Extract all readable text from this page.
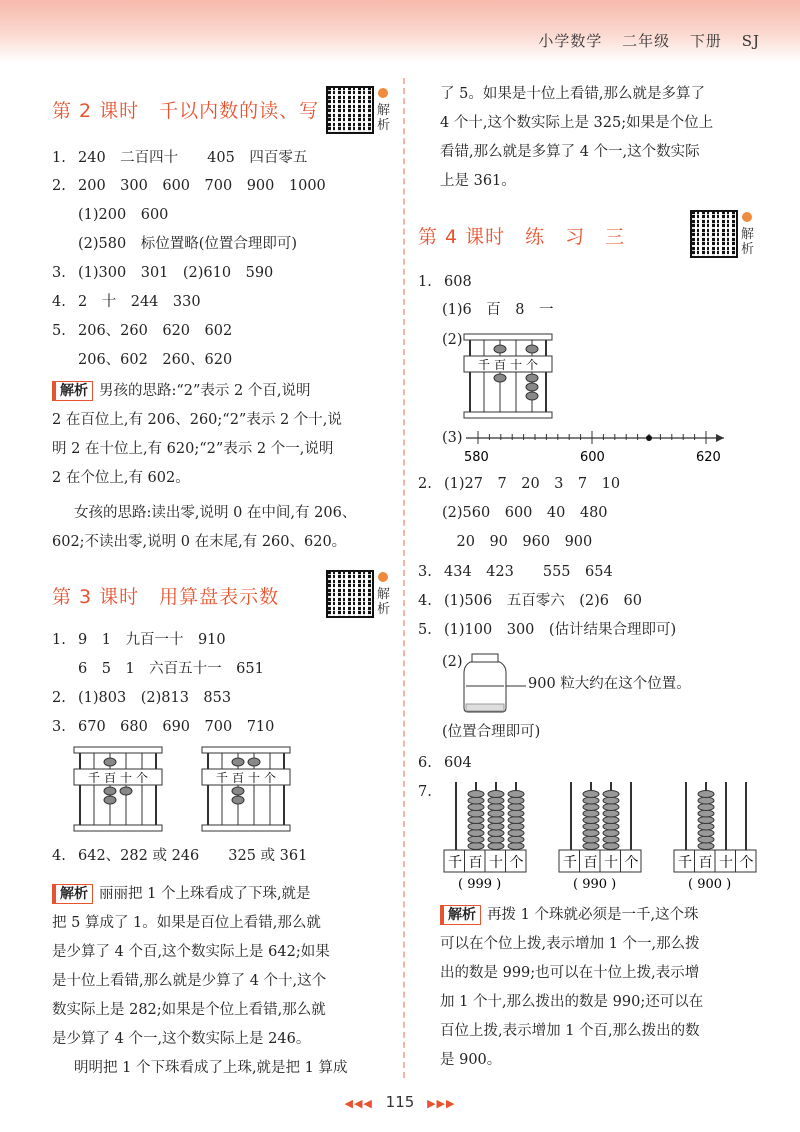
小学数学 二年级 下册 SJ
第 2 课时　千以内数的读、写	解析
1. 240　二百四十　　405　四百零五
2. 200　300　600　700　900　1000
(1)200　600
(2)580　标位置略(位置合理即可)
3. (1)300　301　(2)610　590
4. 2　十　244　330
5. 206、260　620　602
206、602　260、620
解析 男孩的思路:“2”表示 2 个百,说明
2 在百位上,有 206、260;“2”表示 2 个十,说
明 2 在十位上,有 620;“2”表示 2 个一,说明
2 在个位上,有 602。
女孩的思路:读出零,说明 0 在中间,有 206、
602;不读出零,说明 0 在末尾,有 260、620。
第 3 课时　用算盘表示数	解析
1. 9　1　九百一十　910
6　5　1　六百五十一　651
2. (1)803　(2)813　853
3. 670　680　690　700　710
4. 642、282 或 246　　325 或 361
千 百 十 个	千 百 十 个
解析 丽丽把 1 个上珠看成了下珠,就是
把 5 算成了 1。如果是百位上看错,那么就
是少算了 4 个百,这个数实际上是 642;如果
是十位上看错,那么就是少算了 4 个十,这个
数实际上是 282;如果是个位上看错,那么就
是少算了 4 个一,这个数实际上是 246。
明明把 1 个下珠看成了上珠,就是把 1 算成
了 5。如果是十位上看错,那么就是多算了
4 个十,这个数实际上是 325;如果是个位上
看错,那么就是多算了 4 个一,这个数实际
上是 361。
第 4 课时　练　习　三	解析
1. 608
(1)6　百　8　一
(2)
(3)
2. (1)27　7　20　3　7　10
(2)560　600　40　480
　20　90　960　900
3. 434　423　　555　654
4. (1)506　五百零六　(2)6　60
5. (1)100　300　(估计结果合理即可)
(2)
(位置合理即可)
6. 604
7.
千 百 十 个
580	600	620
900 粒大约在这个位置。
千 百 十 个
( 999 )
千 百 十 个
( 990 )
千 百 十 个
( 900 )
解析 再拨 1 个珠就必须是一千,这个珠
可以在个位上拨,表示增加 1 个一,那么拨
出的数是 999;也可以在十位上拨,表示增
加 1 个十,那么拨出的数是 990;还可以在
百位上拨,表示增加 1 个百,那么拨出的数
是 900。
◀◀◀ 115 ▶▶▶
